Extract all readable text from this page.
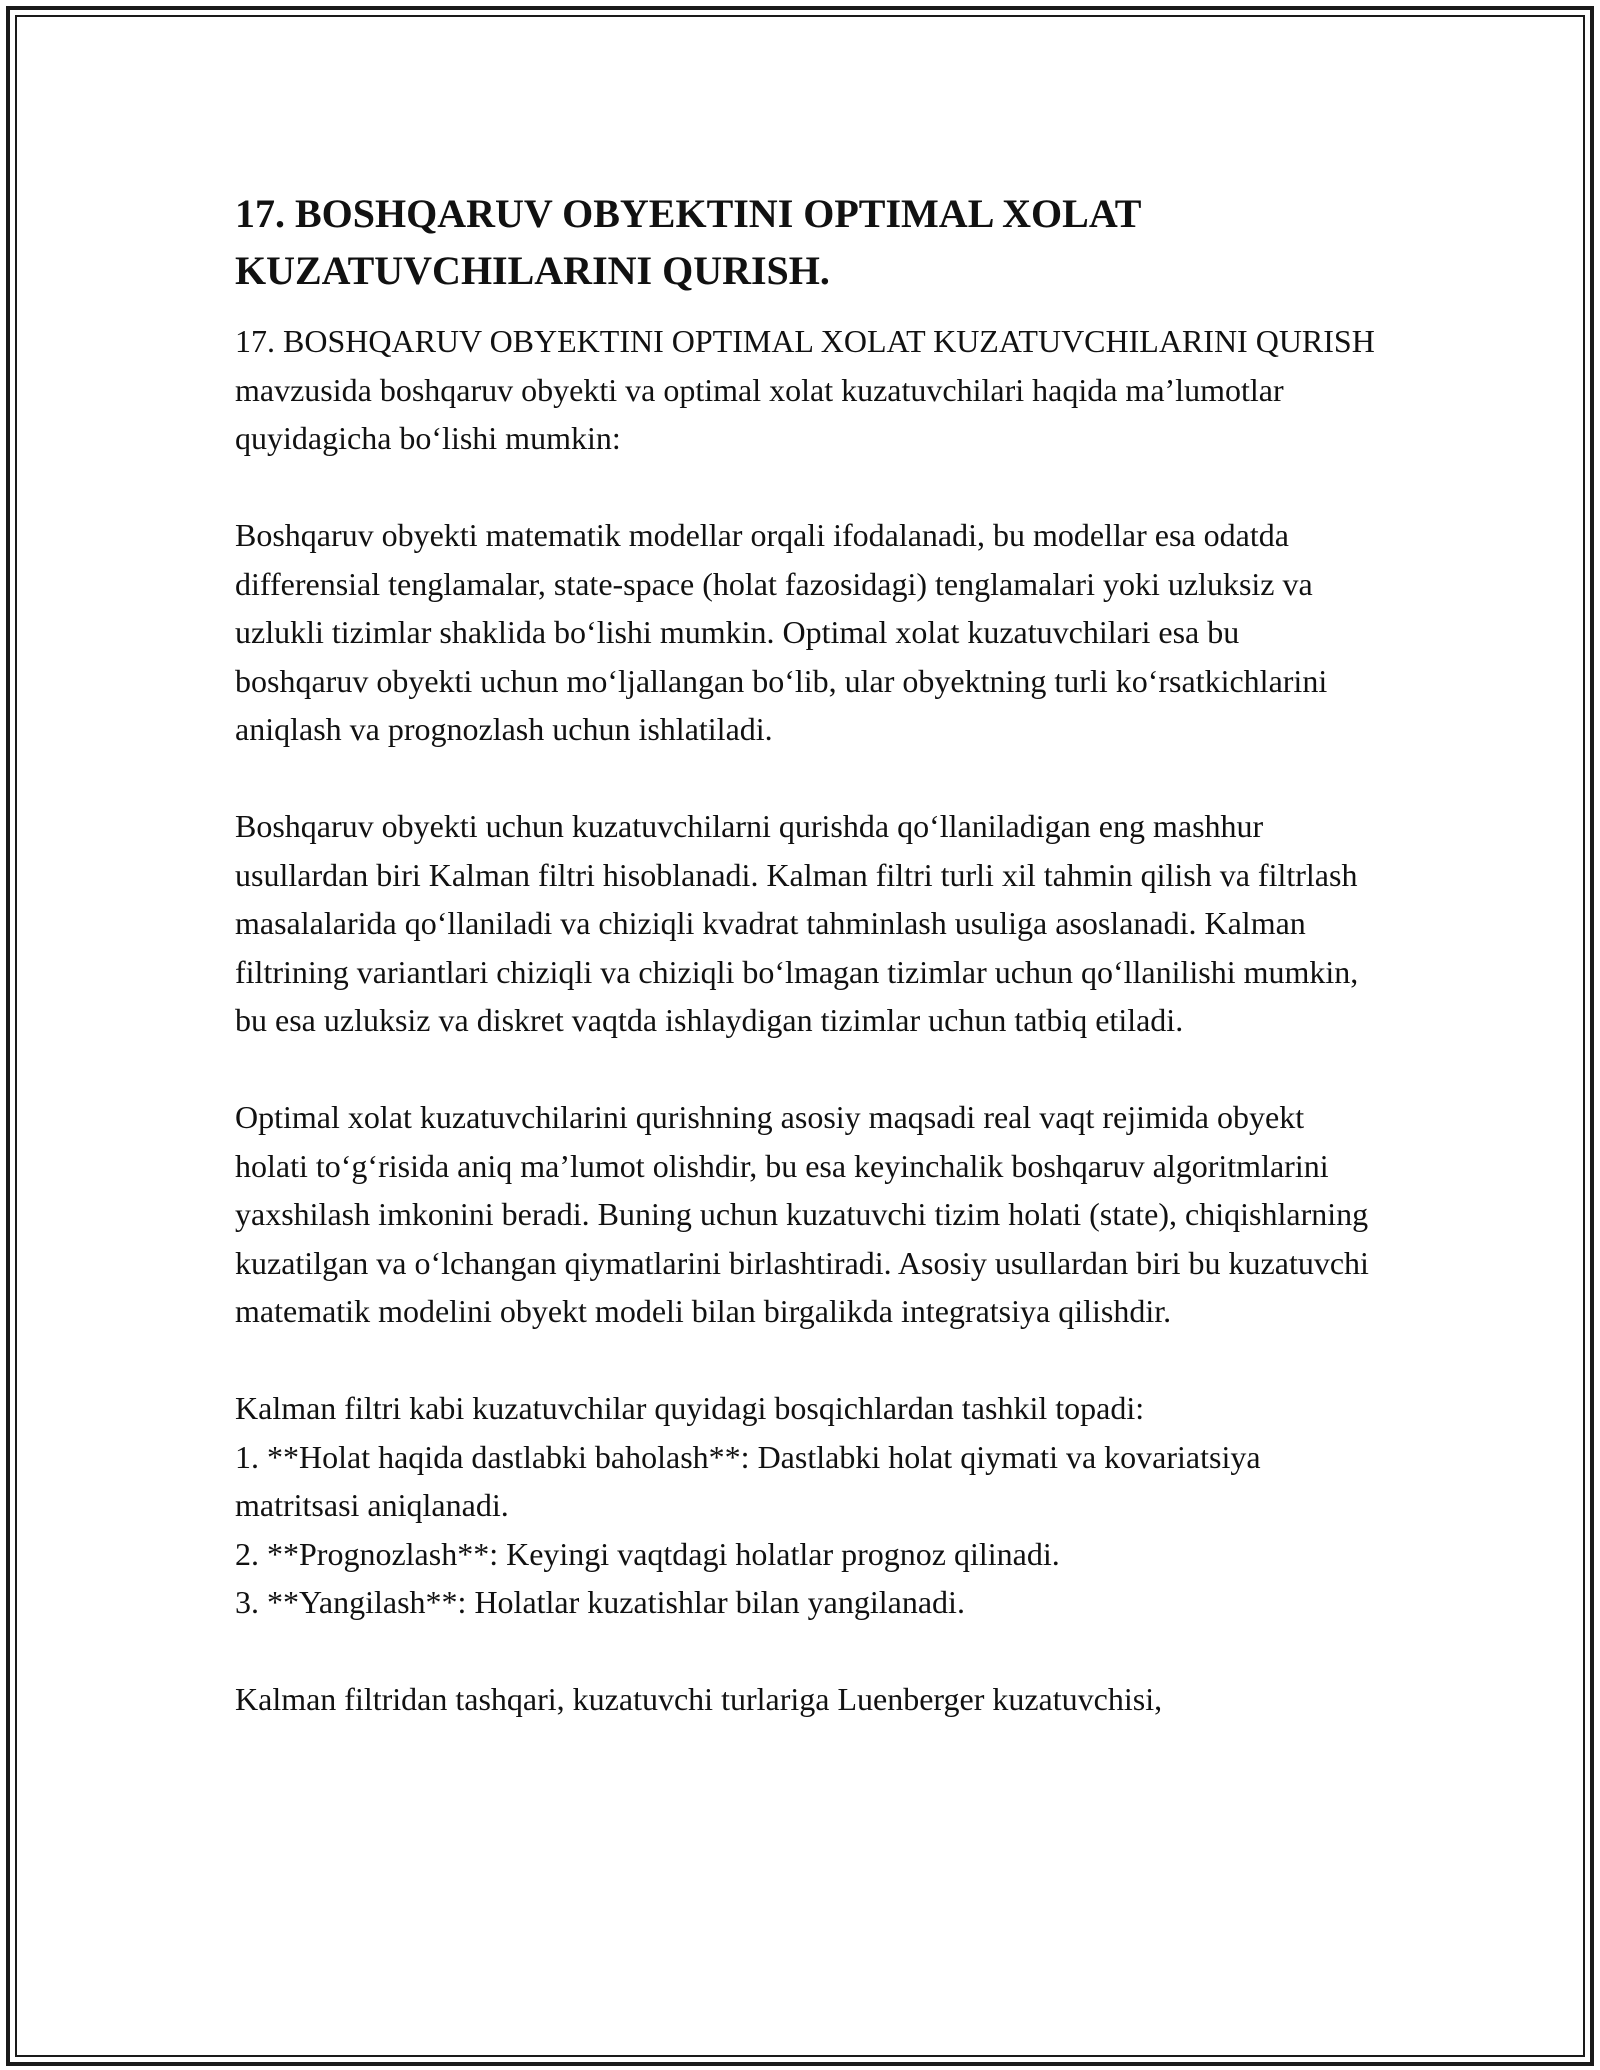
17. BOSHQARUV OBYEKTINI OPTIMAL XOLAT KUZATUVCHILARINI QURISH.

17. BOSHQARUV OBYEKTINI OPTIMAL XOLAT KUZATUVCHILARINI QURISH mavzusida boshqaruv obyekti va optimal xolat kuzatuvchilari haqida ma’lumotlar quyidagicha bo‘lishi mumkin:

Boshqaruv obyekti matematik modellar orqali ifodalanadi, bu modellar esa odatda differensial tenglamalar, state-space (holat fazosidagi) tenglamalari yoki uzluksiz va uzlukli tizimlar shaklida bo‘lishi mumkin. Optimal xolat kuzatuvchilari esa bu boshqaruv obyekti uchun mo‘ljallangan bo‘lib, ular obyektning turli ko‘rsatkichlarini aniqlash va prognozlash uchun ishlatiladi.

Boshqaruv obyekti uchun kuzatuvchilarni qurishda qo‘llaniladigan eng mashhur usullardan biri Kalman filtri hisoblanadi. Kalman filtri turli xil tahmin qilish va filtrlash masalalarida qo‘llaniladi va chiziqli kvadrat tahminlash usuliga asoslanadi. Kalman filtrining variantlari chiziqli va chiziqli bo‘lmagan tizimlar uchun qo‘llanilishi mumkin, bu esa uzluksiz va diskret vaqtda ishlaydigan tizimlar uchun tatbiq etiladi.

Optimal xolat kuzatuvchilarini qurishning asosiy maqsadi real vaqt rejimida obyekt holati to‘g‘risida aniq ma’lumot olishdir, bu esa keyinchalik boshqaruv algoritmlarini yaxshilash imkonini beradi. Buning uchun kuzatuvchi tizim holati (state), chiqishlarning kuzatilgan va o‘lchangan qiymatlarini birlashtiradi. Asosiy usullardan biri bu kuzatuvchi matematik modelini obyekt modeli bilan birgalikda integratsiya qilishdir.

Kalman filtri kabi kuzatuvchilar quyidagi bosqichlardan tashkil topadi:

1. **Holat haqida dastlabki baholash**: Dastlabki holat qiymati va kovariatsiya matritsasi aniqlanadi.
2. **Prognozlash**: Keyingi vaqtdagi holatlar prognoz qilinadi.
3. **Yangilash**: Holatlar kuzatishlar bilan yangilanadi.

Kalman filtridan tashqari, kuzatuvchi turlariga Luenberger kuzatuvchisi,
